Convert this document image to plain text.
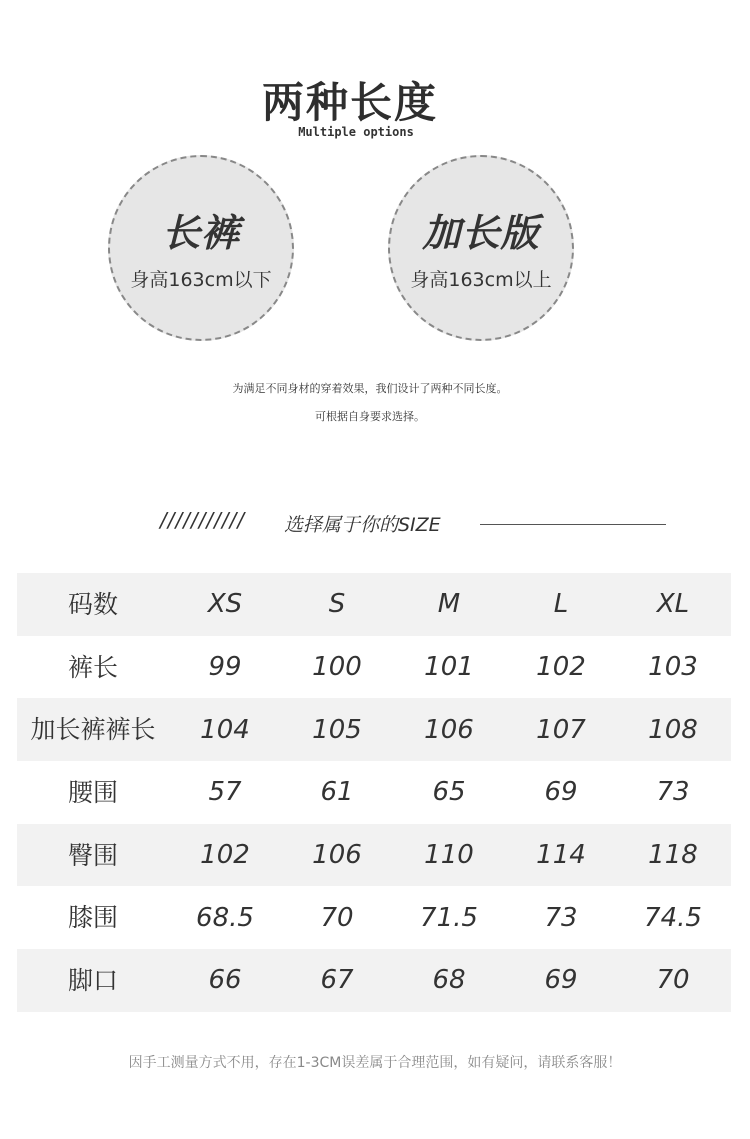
两种长度
Multiple options
长裤
身高163cm以下
加长版
身高163cm以上
为满足不同身材的穿着效果，我们设计了两种不同长度。
可根据自身要求选择。
/////////// 选择属于你的SIZE
码数	XS	S	M	L	XL
裤长	99	100	101	102	103
加长裤裤长	104	105	106	107	108
腰围	57	61	65	69	73
臀围	102	106	110	114	118
膝围	68.5	70	71.5	73	74.5
脚口	66	67	68	69	70
因手工测量方式不用，存在1-3CM误差属于合理范围，如有疑问，请联系客服！
